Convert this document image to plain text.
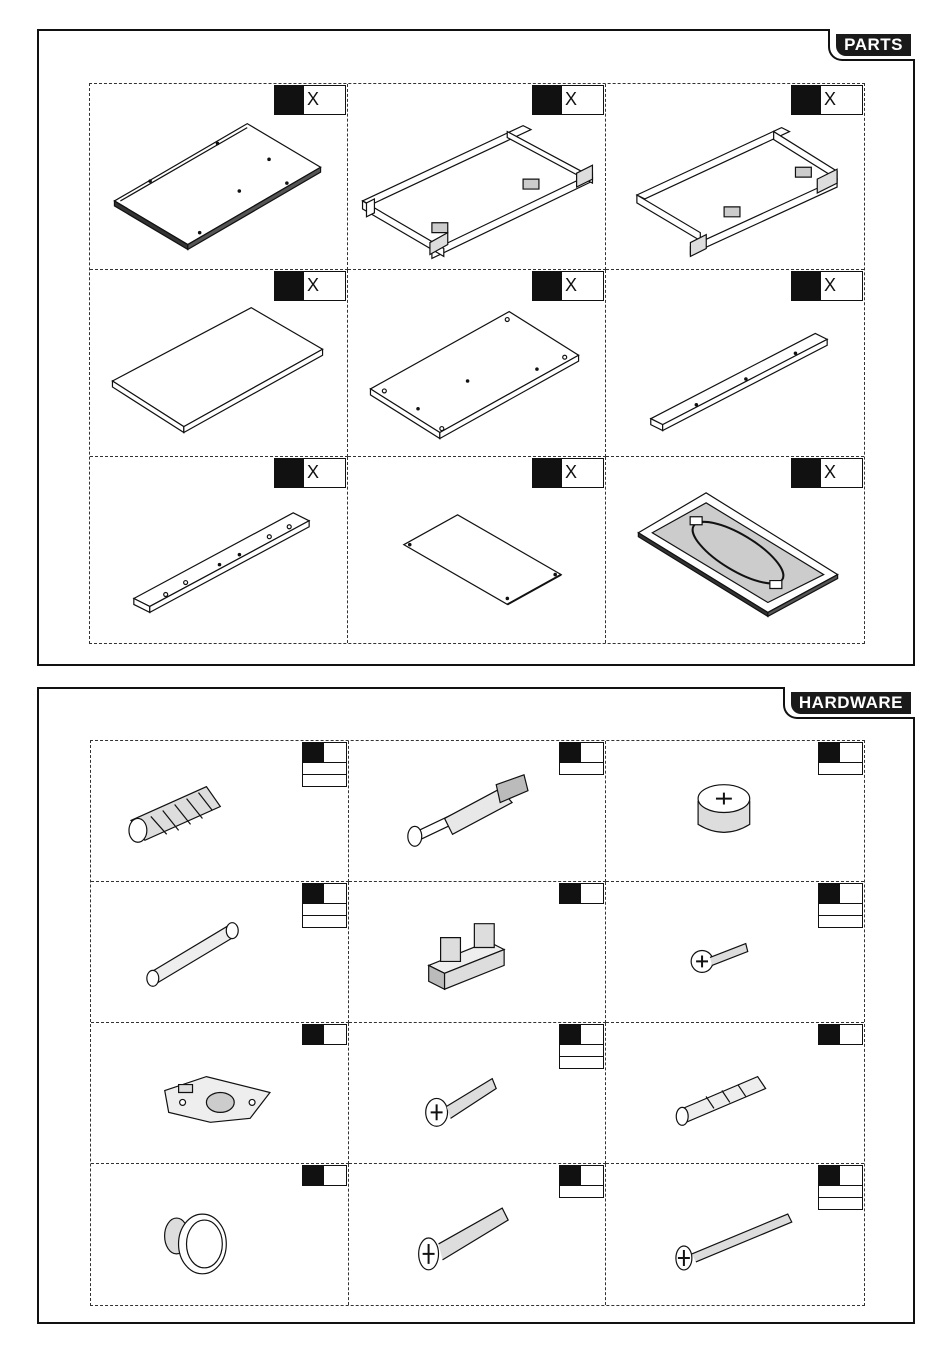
PARTS
X	X	X
X	X	X
X	X	X
HARDWARE
